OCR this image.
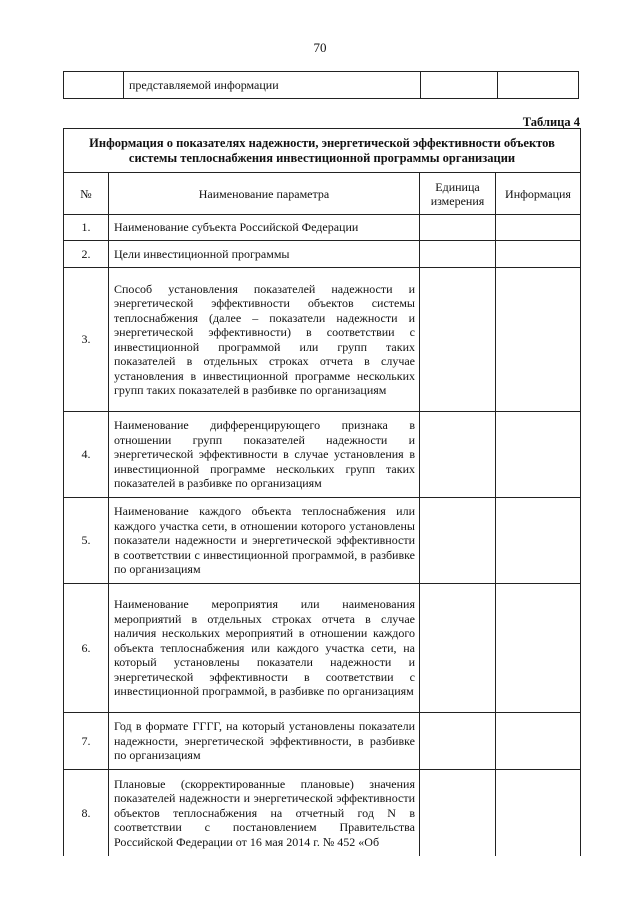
70
	представляемой информации		
Таблица 4
Информация о показателях надежности, энергетической эффективности объектов системы теплоснабжения инвестиционной программы организации			
№	Наименование параметра	Единица измерения	Информация
1.	Наименование субъекта Российской Федерации		
2.	Цели инвестиционной программы		
3.	Способ установления показателей надежности и энергетической эффективности объектов системы теплоснабжения (далее – показатели надежности и энергетической эффективности) в соответствии с инвестиционной программой или групп таких показателей в отдельных строках отчета в случае установления в инвестиционной программе нескольких групп таких показателей в разбивке по организациям		
4.	Наименование дифференцирующего признака в отношении групп показателей надежности и энергетической эффективности в случае установления в инвестиционной программе нескольких групп таких показателей в разбивке по организациям		
5.	Наименование каждого объекта теплоснабжения или каждого участка сети, в отношении которого установлены показатели надежности и энергетической эффективности в соответствии с инвестиционной программой, в разбивке по организациям		
6.	Наименование мероприятия или наименования мероприятий в отдельных строках отчета в случае наличия нескольких мероприятий в отношении каждого объекта теплоснабжения или каждого участка сети, на который установлены показатели надежности и энергетической эффективности в соответствии с инвестиционной программой, в разбивке по организациям		
7.	Год в формате ГГГГ, на который установлены показатели надежности, энергетической эффективности, в разбивке по организациям		
8.	Плановые (скорректированные плановые) значения показателей надежности и энергетической эффективности объектов теплоснабжения на отчетный год N в соответствии с постановлением Правительства Российской Федерации от 16 мая 2014 г. № 452 «Об		
